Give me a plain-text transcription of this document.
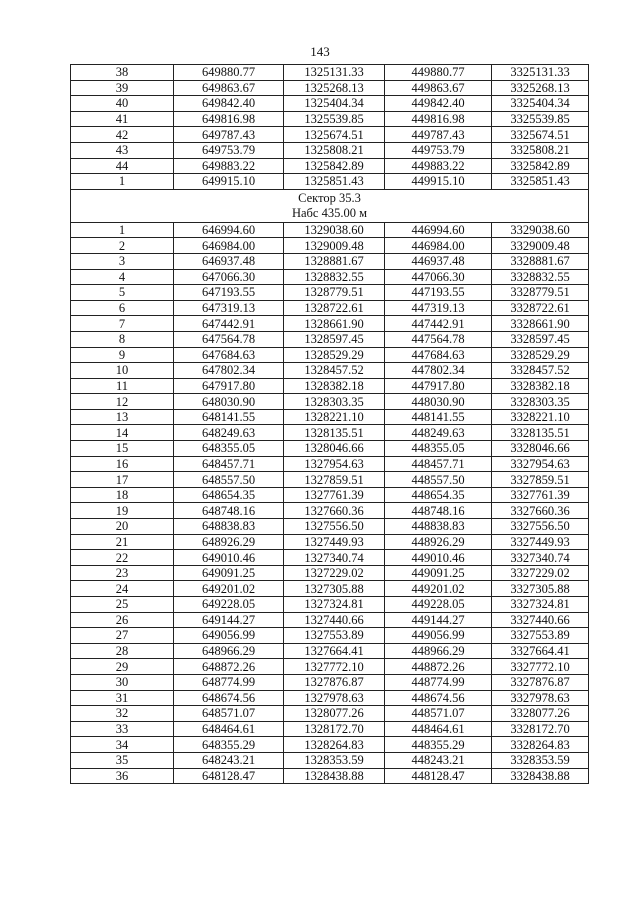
143
38	649880.77	1325131.33	449880.77	3325131.33
39	649863.67	1325268.13	449863.67	3325268.13
40	649842.40	1325404.34	449842.40	3325404.34
41	649816.98	1325539.85	449816.98	3325539.85
42	649787.43	1325674.51	449787.43	3325674.51
43	649753.79	1325808.21	449753.79	3325808.21
44	649883.22	1325842.89	449883.22	3325842.89
1	649915.10	1325851.43	449915.10	3325851.43

Сектор 35.3
Набс 435.00 м				

1	646994.60	1329038.60	446994.60	3329038.60
2	646984.00	1329009.48	446984.00	3329009.48
3	646937.48	1328881.67	446937.48	3328881.67
4	647066.30	1328832.55	447066.30	3328832.55
5	647193.55	1328779.51	447193.55	3328779.51
6	647319.13	1328722.61	447319.13	3328722.61
7	647442.91	1328661.90	447442.91	3328661.90
8	647564.78	1328597.45	447564.78	3328597.45
9	647684.63	1328529.29	447684.63	3328529.29
10	647802.34	1328457.52	447802.34	3328457.52
11	647917.80	1328382.18	447917.80	3328382.18
12	648030.90	1328303.35	448030.90	3328303.35
13	648141.55	1328221.10	448141.55	3328221.10
14	648249.63	1328135.51	448249.63	3328135.51
15	648355.05	1328046.66	448355.05	3328046.66
16	648457.71	1327954.63	448457.71	3327954.63
17	648557.50	1327859.51	448557.50	3327859.51
18	648654.35	1327761.39	448654.35	3327761.39
19	648748.16	1327660.36	448748.16	3327660.36
20	648838.83	1327556.50	448838.83	3327556.50
21	648926.29	1327449.93	448926.29	3327449.93
22	649010.46	1327340.74	449010.46	3327340.74
23	649091.25	1327229.02	449091.25	3327229.02
24	649201.02	1327305.88	449201.02	3327305.88
25	649228.05	1327324.81	449228.05	3327324.81
26	649144.27	1327440.66	449144.27	3327440.66
27	649056.99	1327553.89	449056.99	3327553.89
28	648966.29	1327664.41	448966.29	3327664.41
29	648872.26	1327772.10	448872.26	3327772.10
30	648774.99	1327876.87	448774.99	3327876.87
31	648674.56	1327978.63	448674.56	3327978.63
32	648571.07	1328077.26	448571.07	3328077.26
33	648464.61	1328172.70	448464.61	3328172.70
34	648355.29	1328264.83	448355.29	3328264.83
35	648243.21	1328353.59	448243.21	3328353.59
36	648128.47	1328438.88	448128.47	3328438.88
